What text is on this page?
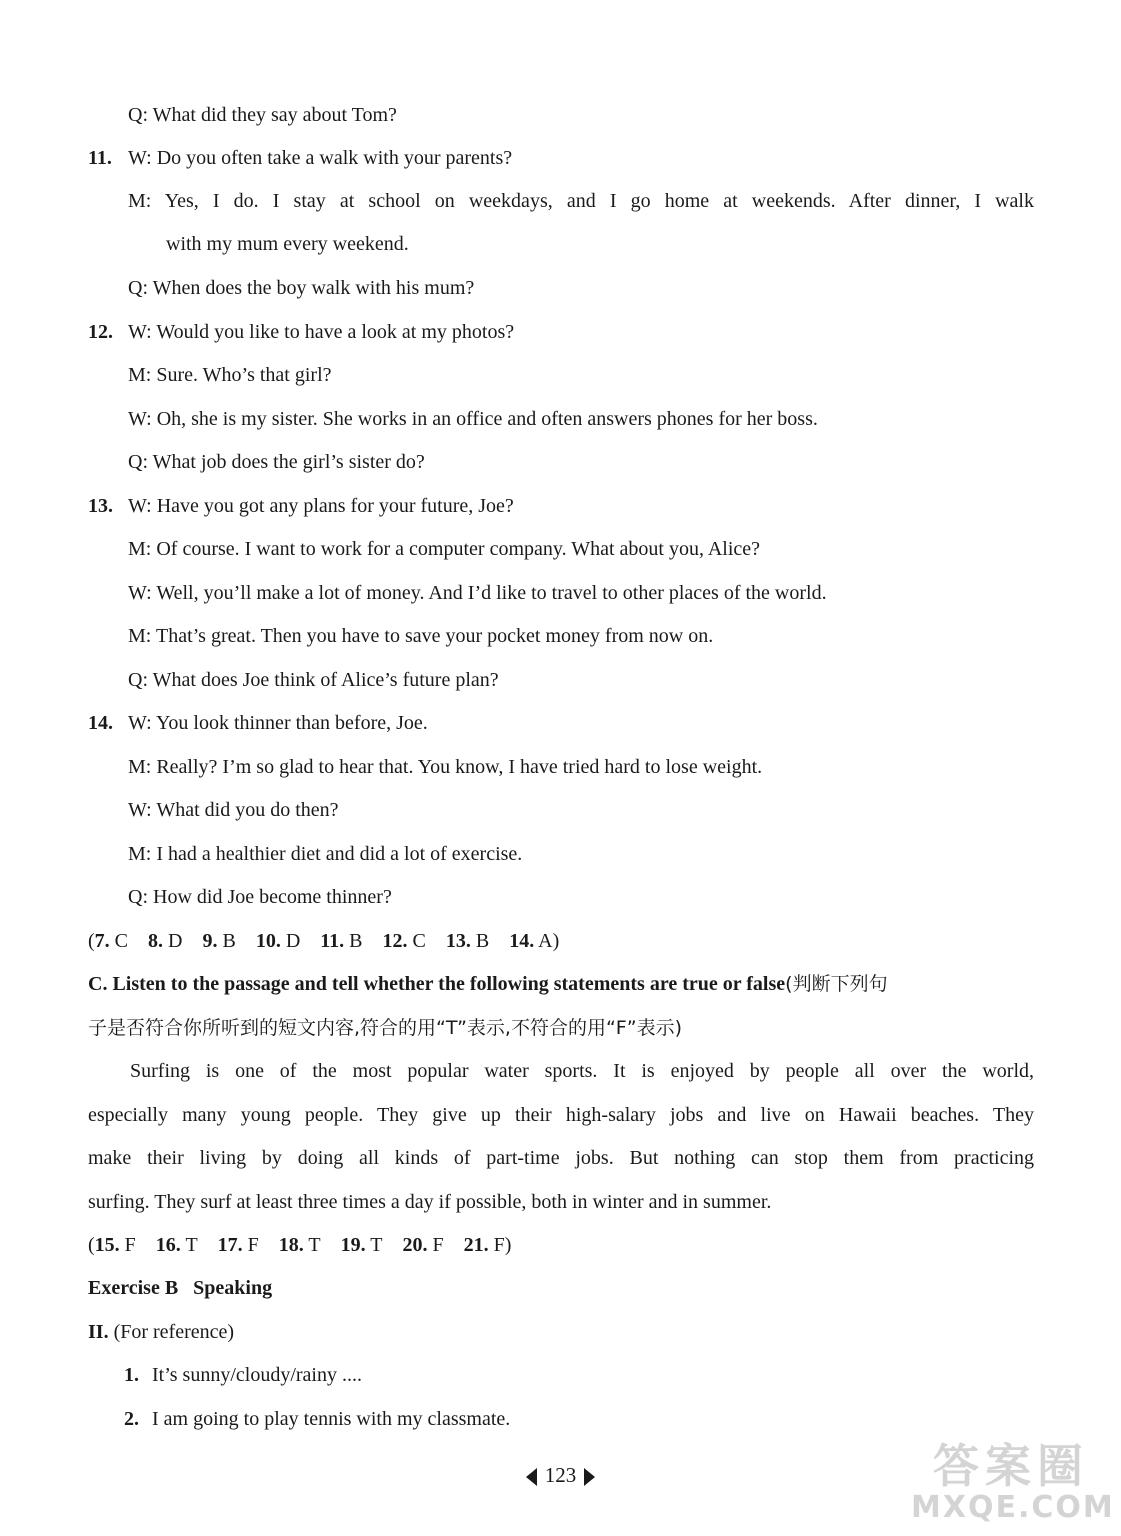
Q: What did they say about Tom?
11. W: Do you often take a walk with your parents?
M: Yes, I do. I stay at school on weekdays, and I go home at weekends. After dinner, I walk
with my mum every weekend.
Q: When does the boy walk with his mum?
12. W: Would you like to have a look at my photos?
M: Sure. Who’s that girl?
W: Oh, she is my sister. She works in an office and often answers phones for her boss.
Q: What job does the girl’s sister do?
13. W: Have you got any plans for your future, Joe?
M: Of course. I want to work for a computer company. What about you, Alice?
W: Well, you’ll make a lot of money. And I’d like to travel to other places of the world.
M: That’s great. Then you have to save your pocket money from now on.
Q: What does Joe think of Alice’s future plan?
14. W: You look thinner than before, Joe.
M: Really? I’m so glad to hear that. You know, I have tried hard to lose weight.
W: What did you do then?
M: I had a healthier diet and did a lot of exercise.
Q: How did Joe become thinner?
(7. C 8. D 9. B 10. D 11. B 12. C 13. B 14. A)
C. Listen to the passage and tell whether the following statements are true or false(判断下列句
子是否符合你所听到的短文内容,符合的用“T”表示,不符合的用“F”表示)
Surfing is one of the most popular water sports. It is enjoyed by people all over the world,
especially many young people. They give up their high-salary jobs and live on Hawaii beaches. They
make their living by doing all kinds of part-time jobs. But nothing can stop them from practicing
surfing. They surf at least three times a day if possible, both in winter and in summer.
(15. F 16. T 17. F 18. T 19. T 20. F 21. F)
Exercise B Speaking
II. (For reference)
1. It’s sunny/cloudy/rainy ....
2. I am going to play tennis with my classmate.
123	答案圈
MXQE.COM
